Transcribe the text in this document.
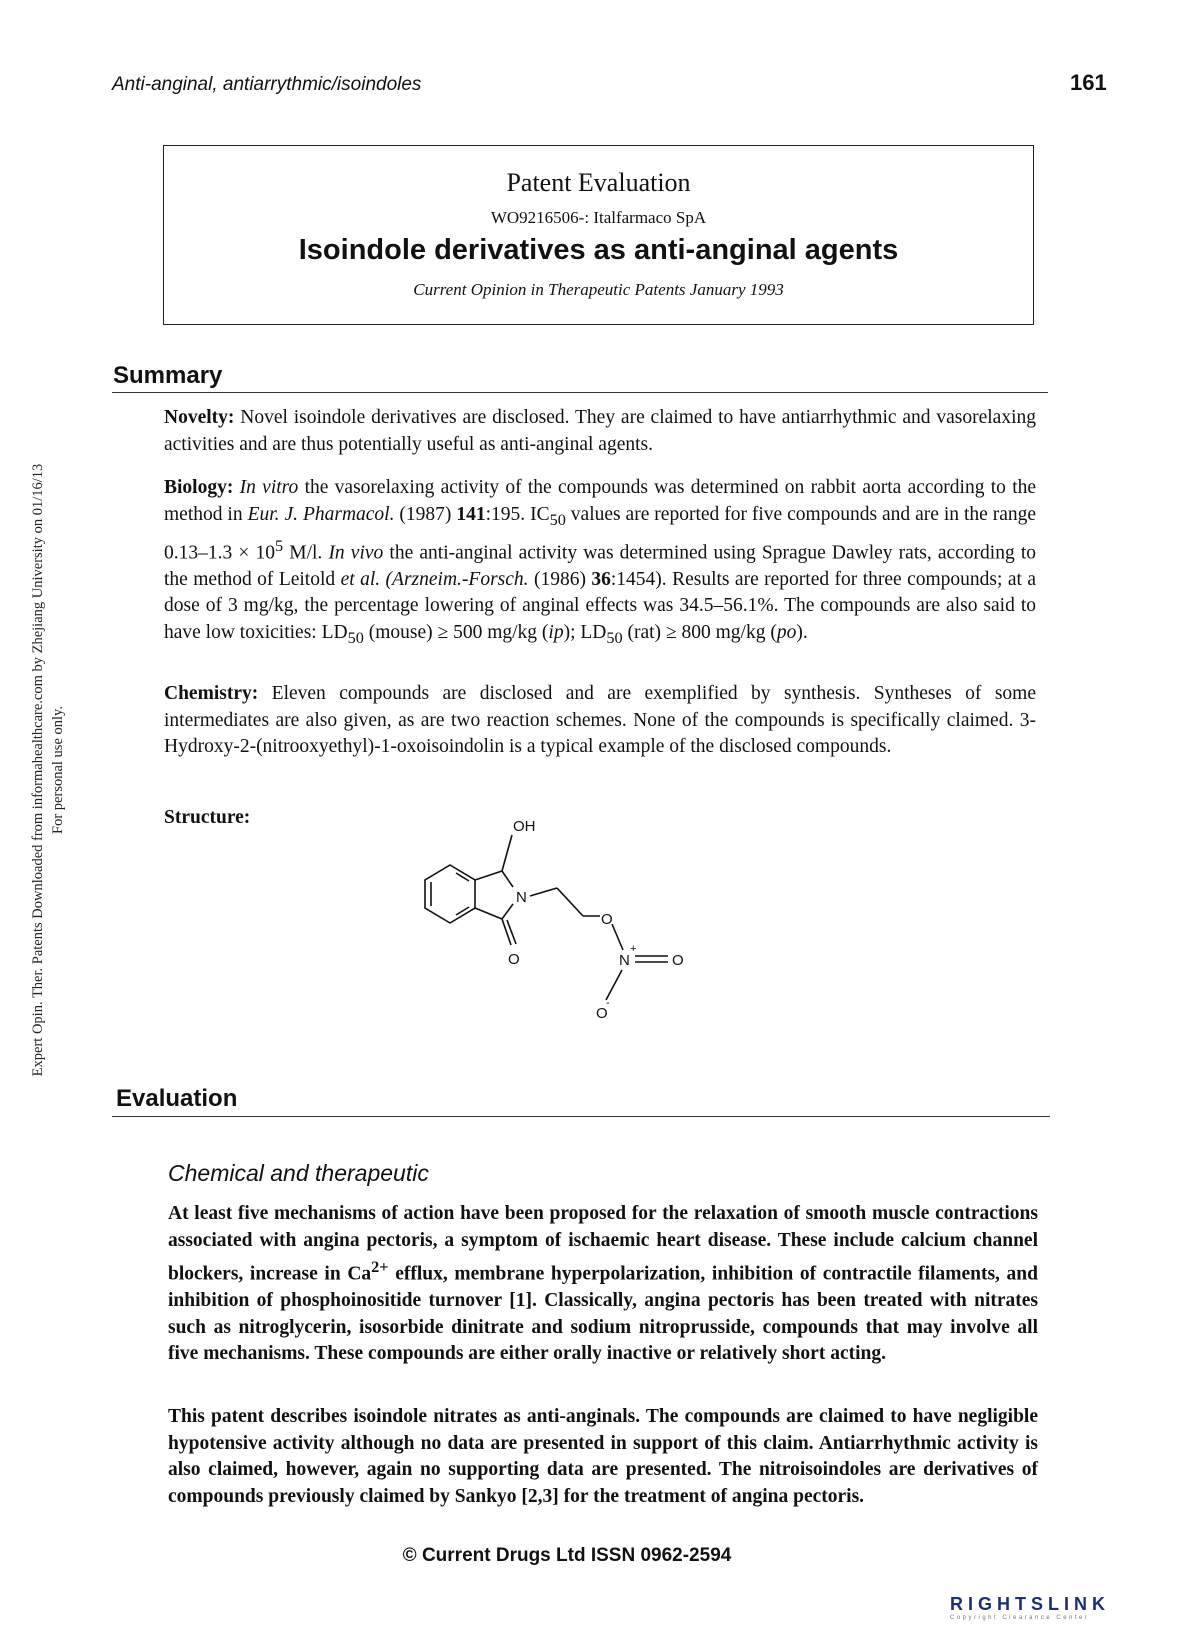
Anti-anginal, antiarrythmic/isoindoles	161
Expert Opin. Ther. Patents Downloaded from informahealthcare.com by Zhejiang University on 01/16/13 For personal use only.
Patent Evaluation
WO9216506-: Italfarmaco SpA
Isoindole derivatives as anti-anginal agents
Current Opinion in Therapeutic Patents January 1993
Summary
Novelty: Novel isoindole derivatives are disclosed. They are claimed to have antiarrhythmic and vasorelaxing activities and are thus potentially useful as anti-anginal agents.
Biology: In vitro the vasorelaxing activity of the compounds was determined on rabbit aorta according to the method in Eur. J. Pharmacol. (1987) 141:195. $IC_{50}$ values are reported for five compounds and are in the range $0.13-1.3 \times 10^5$ M/l. In vivo the anti-anginal activity was determined using Sprague Dawley rats, according to the method of Leitold et al. (Arzneim.-Forsch. (1986) 36:1454). Results are reported for three compounds; at a dose of 3 mg/kg, the percentage lowering of anginal effects was 34.5–56.1%. The compounds are also said to have low toxicities: $LD_{50}$ (mouse) ≥ 500 mg/kg (ip); $LD_{50}$ (rat) ≥ 800 mg/kg (po).
Chemistry: Eleven compounds are disclosed and are exemplified by synthesis. Syntheses of some intermediates are also given, as are two reaction schemes. None of the compounds is specifically claimed. 3-Hydroxy-2-(nitrooxyethyl)-1-oxoisoindolin is a typical example of the disclosed compounds.
Structure:	OH
N
O
O
N
+
O
O
-
Evaluation
Chemical and therapeutic
At least five mechanisms of action have been proposed for the relaxation of smooth muscle contractions associated with angina pectoris, a symptom of ischaemic heart disease. These include calcium channel blockers, increase in $Ca^{2+}$ efflux, membrane hyperpolarization, inhibition of contractile filaments, and inhibition of phosphoinositide turnover [1]. Classically, angina pectoris has been treated with nitrates such as nitroglycerin, isosorbide dinitrate and sodium nitroprusside, compounds that may involve all five mechanisms. These compounds are either orally inactive or relatively short acting.
This patent describes isoindole nitrates as anti-anginals. The compounds are claimed to have negligible hypotensive activity although no data are presented in support of this claim. Antiarrhythmic activity is also claimed, however, again no supporting data are presented. The nitroisoindoles are derivatives of compounds previously claimed by Sankyo [2,3] for the treatment of angina pectoris.
© Current Drugs Ltd ISSN 0962-2594
RIGHTSLINK
Copyright Clearance Center
